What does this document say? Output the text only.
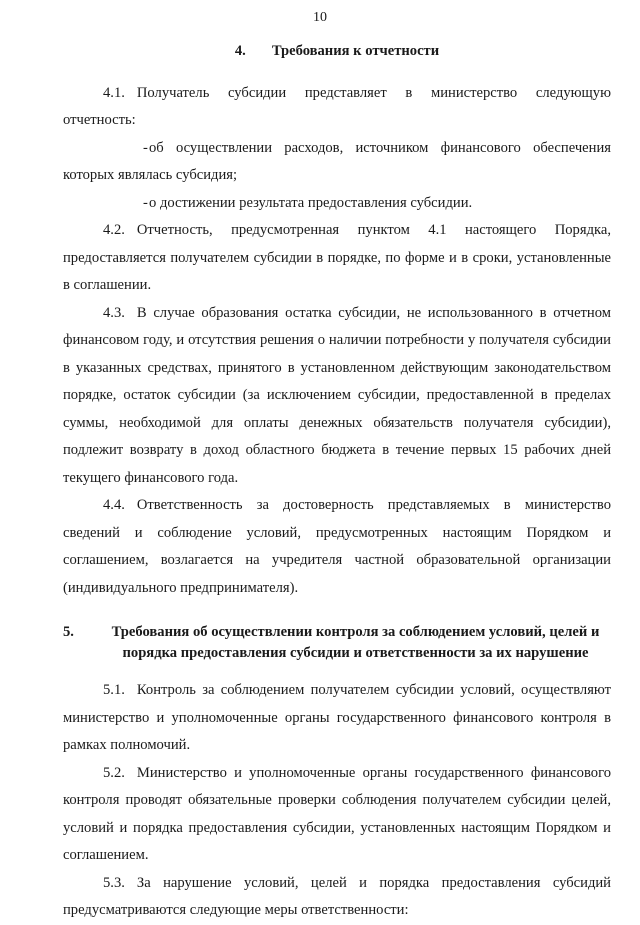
10
4. Требования к отчетности

4.1. Получатель субсидии представляет в министерство следующую отчетность:

-об осуществлении расходов, источником финансового обеспечения которых являлась субсидия;

-о достижении результата предоставления субсидии.

4.2. Отчетность, предусмотренная пунктом 4.1 настоящего Порядка, предоставляется получателем субсидии в порядке, по форме и в сроки, установленные в соглашении.

4.3. В случае образования остатка субсидии, не использованного в отчетном финансовом году, и отсутствия решения о наличии потребности у получателя субсидии в указанных средствах, принятого в установленном действующим законодательством порядке, остаток субсидии (за исключением субсидии, предоставленной в пределах суммы, необходимой для оплаты денежных обязательств получателя субсидии), подлежит возврату в доход областного бюджета в течение первых 15 рабочих дней текущего финансового года.

4.4. Ответственность за достоверность представляемых в министерство сведений и соблюдение условий, предусмотренных настоящим Порядком и соглашением, возлагается на учредителя частной образовательной организации (индивидуального предпринимателя).

5.	Требования об осуществлении контроля за соблюдением условий, целей и порядка предоставления субсидии и ответственности за их нарушение

5.1. Контроль за соблюдением получателем субсидии условий, осуществляют министерство и уполномоченные органы государственного финансового контроля в рамках полномочий.

5.2. Министерство и уполномоченные органы государственного финансового контроля проводят обязательные проверки соблюдения получателем субсидии целей, условий и порядка предоставления субсидии, установленных настоящим Порядком и соглашением.

5.3. За нарушение условий, целей и порядка предоставления субсидий предусматриваются следующие меры ответственности:
